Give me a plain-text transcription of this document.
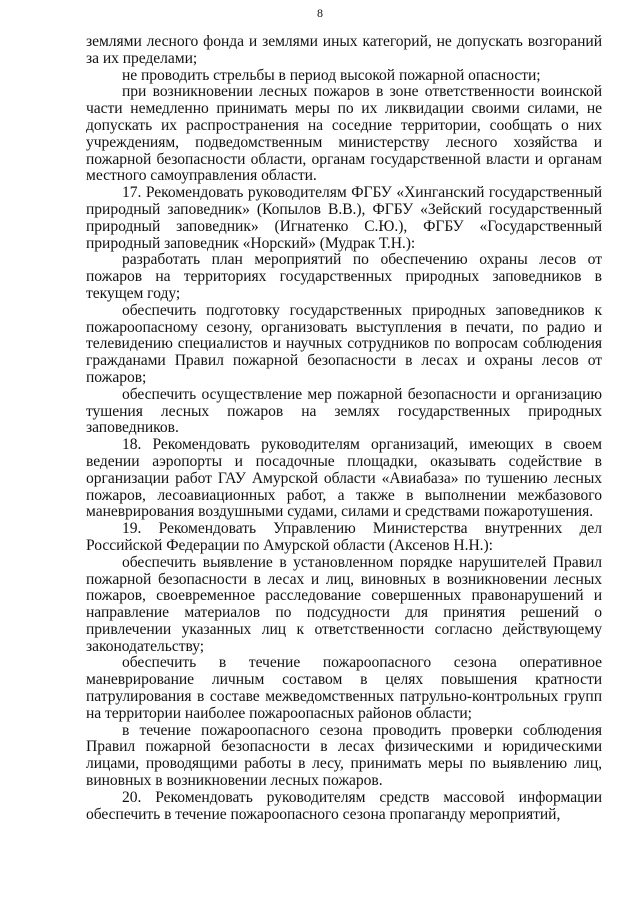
8

землями лесного фонда и землями иных категорий, не допускать возгораний за их пределами;

не проводить стрельбы в период высокой пожарной опасности;

при возникновении лесных пожаров в зоне ответственности воинской части немедленно принимать меры по их ликвидации своими силами, не допускать их распространения на соседние территории, сообщать о них учреждениям, подведомственным министерству лесного хозяйства и пожарной безопасности области, органам государственной власти и органам местного самоуправления области.

17. Рекомендовать руководителям ФГБУ «Хинганский государственный природный заповедник» (Копылов В.В.), ФГБУ «Зейский государственный природный заповедник» (Игнатенко С.Ю.), ФГБУ «Государственный природный заповедник «Норский» (Мудрак Т.Н.):

разработать план мероприятий по обеспечению охраны лесов от пожаров на территориях государственных природных заповедников в текущем году;

обеспечить подготовку государственных природных заповедников к пожароопасному сезону, организовать выступления в печати, по радио и телевидению специалистов и научных сотрудников по вопросам соблюдения гражданами Правил пожарной безопасности в лесах и охраны лесов от пожаров;

обеспечить осуществление мер пожарной безопасности и организацию тушения лесных пожаров на землях государственных природных заповедников.

18. Рекомендовать руководителям организаций, имеющих в своем ведении аэропорты и посадочные площадки, оказывать содействие в организации работ ГАУ Амурской области «Авиабаза» по тушению лесных пожаров, лесоавиационных работ, а также в выполнении межбазового маневрирования воздушными судами, силами и средствами пожаротушения.

19. Рекомендовать Управлению Министерства внутренних дел Российской Федерации по Амурской области (Аксенов Н.Н.):

обеспечить выявление в установленном порядке нарушителей Правил пожарной безопасности в лесах и лиц, виновных в возникновении лесных пожаров, своевременное расследование совершенных правонарушений и направление материалов по подсудности для принятия решений о привлечении указанных лиц к ответственности согласно действующему законодательству;

обеспечить в течение пожароопасного сезона оперативное маневрирование личным составом в целях повышения кратности патрулирования в составе межведомственных патрульно-контрольных групп на территории наиболее пожароопасных районов области;

в течение пожароопасного сезона проводить проверки соблюдения Правил пожарной безопасности в лесах физическими и юридическими лицами, проводящими работы в лесу, принимать меры по выявлению лиц, виновных в возникновении лесных пожаров.

20. Рекомендовать руководителям средств массовой информации обеспечить в течение пожароопасного сезона пропаганду мероприятий,
